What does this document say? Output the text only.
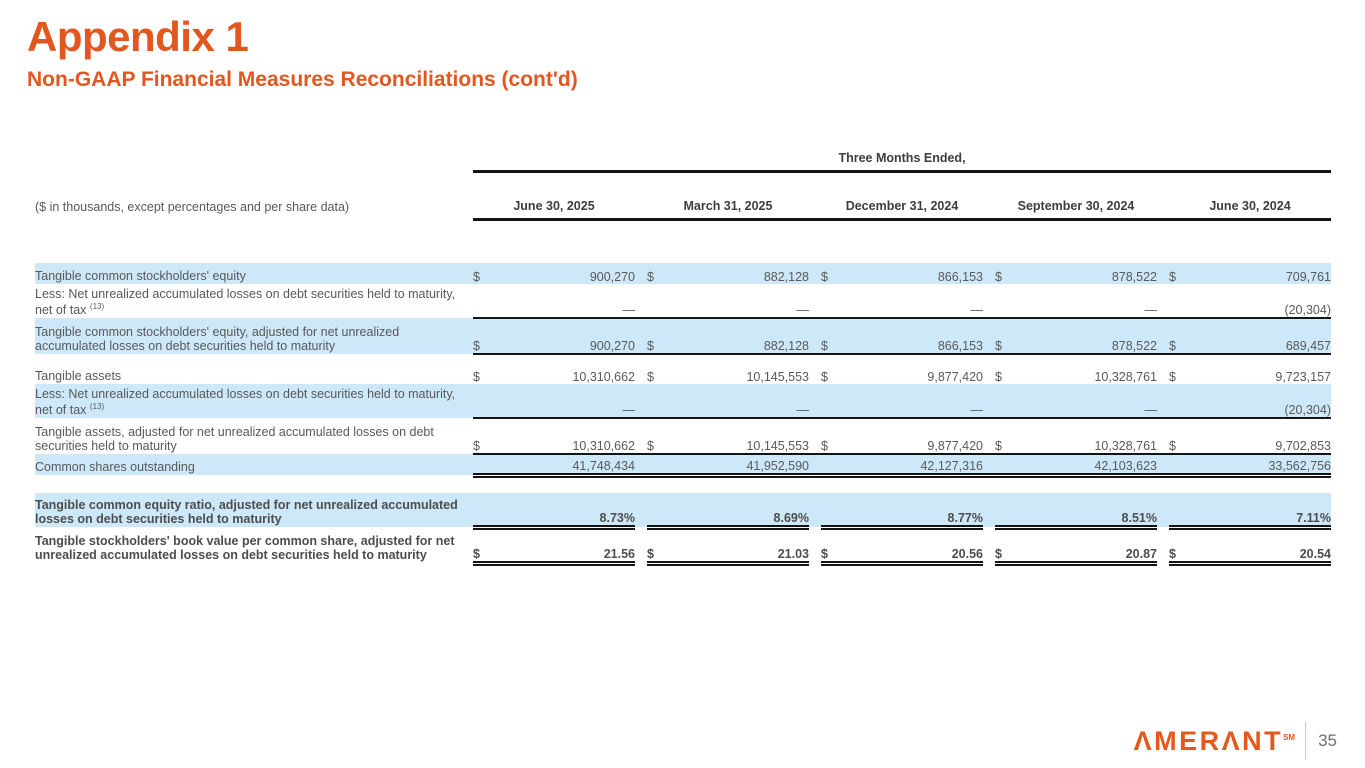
Appendix 1
Non-GAAP Financial Measures Reconciliations (cont'd)
	Three Months Ended,													
($ in thousands, except percentages and per share data)	June 30, 2025			March 31, 2025			December 31, 2024			September 30, 2024			June 30, 2024	

Tangible common stockholders' equity	$	900,270		$	882,128		$	866,153		$	878,522		$	709,761
Less: Net unrealized accumulated losses on debt securities held to maturity, net of tax $^{(13)}$		—			—			—			—			(20,304)
Tangible common stockholders' equity, adjusted for net unrealized accumulated losses on debt securities held to maturity	$	900,270		$	882,128		$	866,153		$	878,522		$	689,457
Tangible assets	$	10,310,662		$	10,145,553		$	9,877,420		$	10,328,761		$	9,723,157
Less: Net unrealized accumulated losses on debt securities held to maturity, net of tax $^{(13)}$		—			—			—			—			(20,304)
Tangible assets, adjusted for net unrealized accumulated losses on debt securities held to maturity	$	10,310,662		$	10,145,553		$	9,877,420		$	10,328,761		$	9,702,853
Common shares outstanding		41,748,434			41,952,590			42,127,316			42,103,623			33,562,756

Tangible common equity ratio, adjusted for net unrealized accumulated losses on debt securities held to maturity		8.73%			8.69%			8.77%			8.51%			7.11%
Tangible stockholders' book value per common share, adjusted for net unrealized accumulated losses on debt securities held to maturity	$	21.56		$	21.03		$	20.56		$	20.87		$	20.54
ΛMERΛNT℠ 35
